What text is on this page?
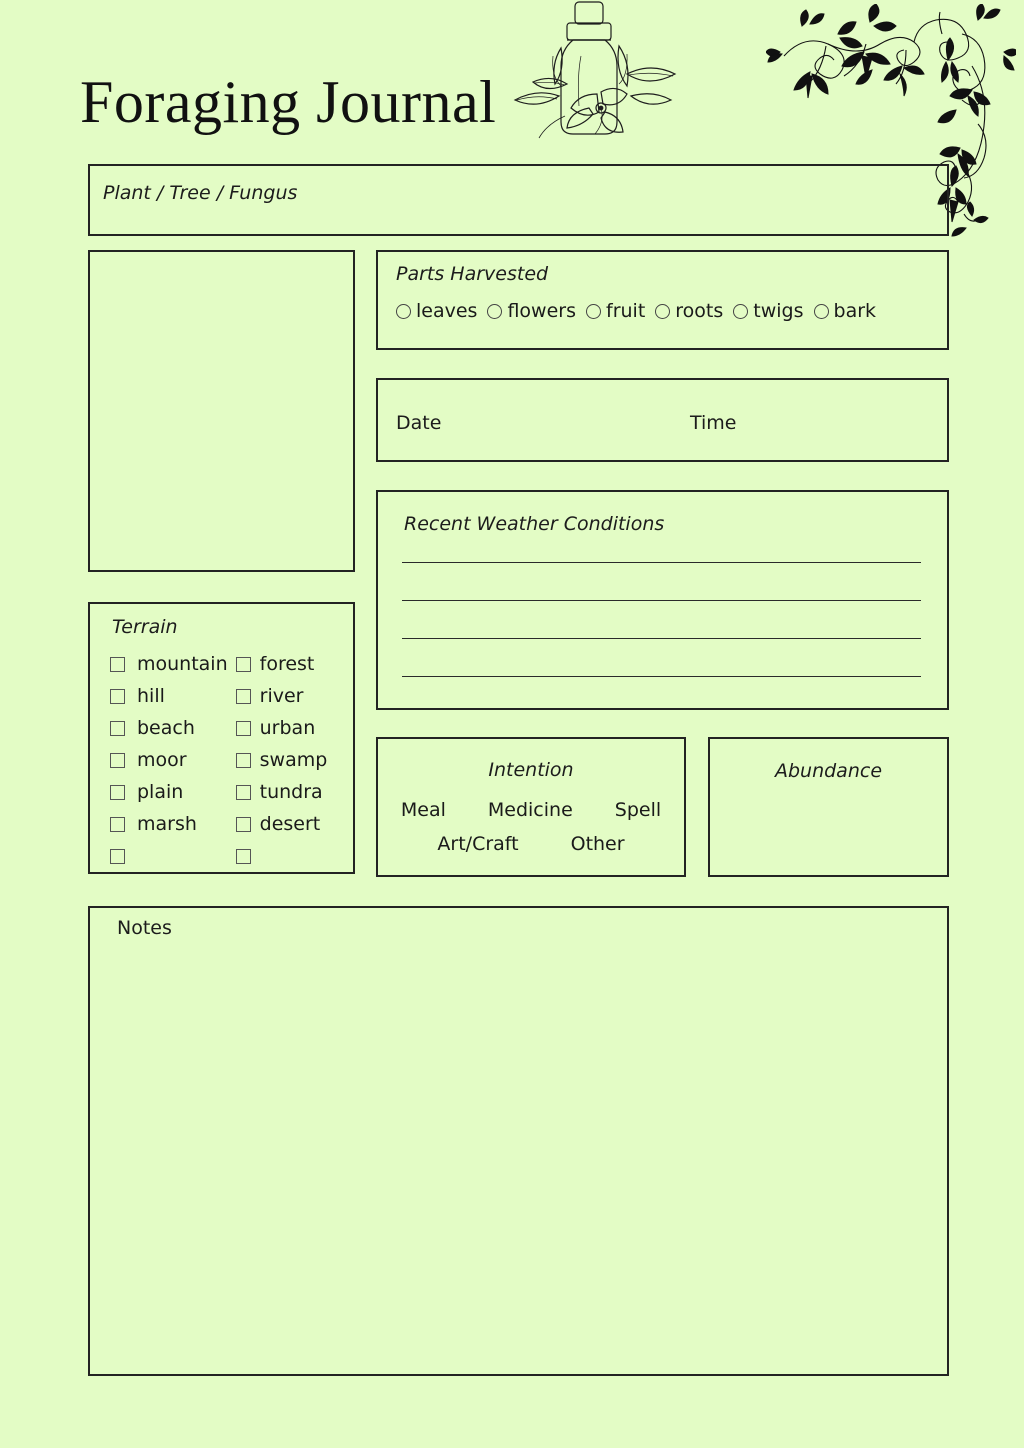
Foraging Journal
Plant / Tree / Fungus
Parts Harvested
leaves flowers fruit roots twigs bark
Date	Time
Recent Weather Conditions
Terrain
mountain
hill
beach
moor
plain
marsh
forest
river
urban
swamp
tundra
desert
Intention
Meal Medicine Spell
Art/Craft	Other
Abundance
Notes
